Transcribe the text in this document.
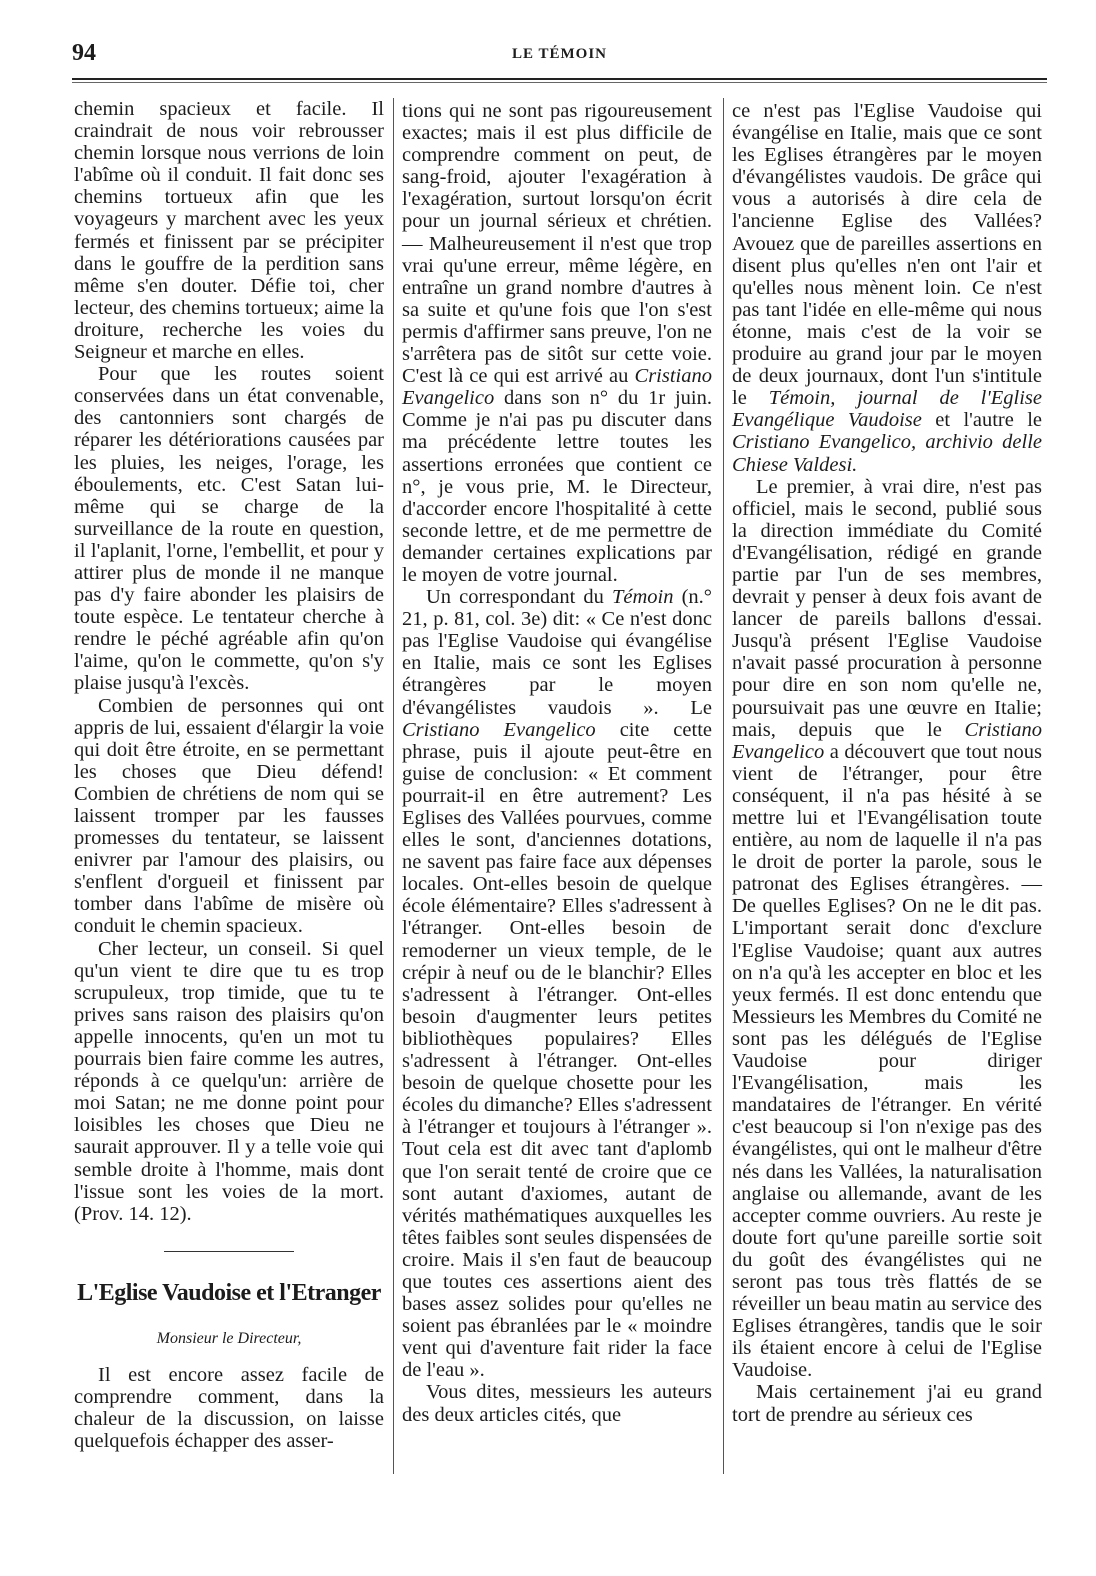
94	LE TÉMOIN

chemin spacieux et facile. Il craindrait de nous voir rebrousser chemin lorsque nous verrions de loin l'abîme où il conduit. Il fait donc ses chemins tortueux afin que les voyageurs y marchent avec les yeux fermés et finissent par se précipiter dans le gouffre de la perdition sans même s'en douter. Défie toi, cher lecteur, des chemins tortueux; aime la droiture, recherche les voies du Seigneur et marche en elles.

Pour que les routes soient conservées dans un état convenable, des cantonniers sont chargés de réparer les détériorations causées par les pluies, les neiges, l'orage, les éboulements, etc. C'est Satan lui-même qui se charge de la surveillance de la route en question, il l'aplanit, l'orne, l'embellit, et pour y attirer plus de monde il ne manque pas d'y faire abonder les plaisirs de toute espèce. Le tentateur cherche à rendre le péché agréable afin qu'on l'aime, qu'on le commette, qu'on s'y plaise jusqu'à l'excès.

Combien de personnes qui ont appris de lui, essaient d'élargir la voie qui doit être étroite, en se permettant les choses que Dieu défend! Combien de chrétiens de nom qui se laissent tromper par les fausses promesses du tentateur, se laissent enivrer par l'amour des plaisirs, ou s'enflent d'orgueil et finissent par tomber dans l'abîme de misère où conduit le chemin spacieux.

Cher lecteur, un conseil. Si quel qu'un vient te dire que tu es trop scrupuleux, trop timide, que tu te prives sans raison des plaisirs qu'on appelle innocents, qu'en un mot tu pourrais bien faire comme les autres, réponds à ce quelqu'un: arrière de moi Satan; ne me donne point pour loisibles les choses que Dieu ne saurait approuver. Il y a telle voie qui semble droite à l'homme, mais dont l'issue sont les voies de la mort. (Prov. 14. 12).

L'Eglise Vaudoise et l'Etranger
Monsieur le Directeur,

Il est encore assez facile de comprendre comment, dans la chaleur de la discussion, on laisse quelquefois échapper des asser-

tions qui ne sont pas rigoureusement exactes; mais il est plus difficile de comprendre comment on peut, de sang-froid, ajouter l'exagération à l'exagération, surtout lorsqu'on écrit pour un journal sérieux et chrétien. — Malheureusement il n'est que trop vrai qu'une erreur, même légère, en entraîne un grand nombre d'autres à sa suite et qu'une fois que l'on s'est permis d'affirmer sans preuve, l'on ne s'arrêtera pas de sitôt sur cette voie. C'est là ce qui est arrivé au Cristiano Evangelico dans son n° du 1r juin. Comme je n'ai pas pu discuter dans ma précédente lettre toutes les assertions erronées que contient ce n°, je vous prie, M. le Directeur, d'accorder encore l'hospitalité à cette seconde lettre, et de me permettre de demander certaines explications par le moyen de votre journal.

Un correspondant du Témoin (n.° 21, p. 81, col. 3e) dit: « Ce n'est donc pas l'Eglise Vaudoise qui évangélise en Italie, mais ce sont les Eglises étrangères par le moyen d'évangélistes vaudois ». Le Cristiano Evangelico cite cette phrase, puis il ajoute peut-être en guise de conclusion: « Et comment pourrait-il en être autrement? Les Eglises des Vallées pourvues, comme elles le sont, d'anciennes dotations, ne savent pas faire face aux dépenses locales. Ont-elles besoin de quelque école élémentaire? Elles s'adressent à l'étranger. Ont-elles besoin de remoderner un vieux temple, de le crépir à neuf ou de le blanchir? Elles s'adressent à l'étranger. Ont-elles besoin d'augmenter leurs petites bibliothèques populaires? Elles s'adressent à l'étranger. Ont-elles besoin de quelque chosette pour les écoles du dimanche? Elles s'adressent à l'étranger et toujours à l'étranger ». Tout cela est dit avec tant d'aplomb que l'on serait tenté de croire que ce sont autant d'axiomes, autant de vérités mathématiques auxquelles les têtes faibles sont seules dispensées de croire. Mais il s'en faut de beaucoup que toutes ces assertions aient des bases assez solides pour qu'elles ne soient pas ébranlées par le « moindre vent qui d'aventure fait rider la face de l'eau ».

Vous dites, messieurs les auteurs des deux articles cités, que

ce n'est pas l'Eglise Vaudoise qui évangélise en Italie, mais que ce sont les Eglises étrangères par le moyen d'évangélistes vaudois. De grâce qui vous a autorisés à dire cela de l'ancienne Eglise des Vallées? Avouez que de pareilles assertions en disent plus qu'elles n'en ont l'air et qu'elles nous mènent loin. Ce n'est pas tant l'idée en elle-même qui nous étonne, mais c'est de la voir se produire au grand jour par le moyen de deux journaux, dont l'un s'intitule le Témoin, journal de l'Eglise Evangélique Vaudoise et l'autre le Cristiano Evangelico, archivio delle Chiese Valdesi.

Le premier, à vrai dire, n'est pas officiel, mais le second, publié sous la direction immédiate du Comité d'Evangélisation, rédigé en grande partie par l'un de ses membres, devrait y penser à deux fois avant de lancer de pareils ballons d'essai. Jusqu'à présent l'Eglise Vaudoise n'avait passé procuration à personne pour dire en son nom qu'elle ne, poursuivait pas une œuvre en Italie; mais, depuis que le Cristiano Evangelico a découvert que tout nous vient de l'étranger, pour être conséquent, il n'a pas hésité à se mettre lui et l'Evangélisation toute entière, au nom de laquelle il n'a pas le droit de porter la parole, sous le patronat des Eglises étrangères. — De quelles Eglises? On ne le dit pas. L'important serait donc d'exclure l'Eglise Vaudoise; quant aux autres on n'a qu'à les accepter en bloc et les yeux fermés. Il est donc entendu que Messieurs les Membres du Comité ne sont pas les délégués de l'Eglise Vaudoise pour diriger l'Evangélisation, mais les mandataires de l'étranger. En vérité c'est beaucoup si l'on n'exige pas des évangélistes, qui ont le malheur d'être nés dans les Vallées, la naturalisation anglaise ou allemande, avant de les accepter comme ouvriers. Au reste je doute fort qu'une pareille sortie soit du goût des évangélistes qui ne seront pas tous très flattés de se réveiller un beau matin au service des Eglises étrangères, tandis que le soir ils étaient encore à celui de l'Eglise Vaudoise.

Mais certainement j'ai eu grand tort de prendre au sérieux ces
